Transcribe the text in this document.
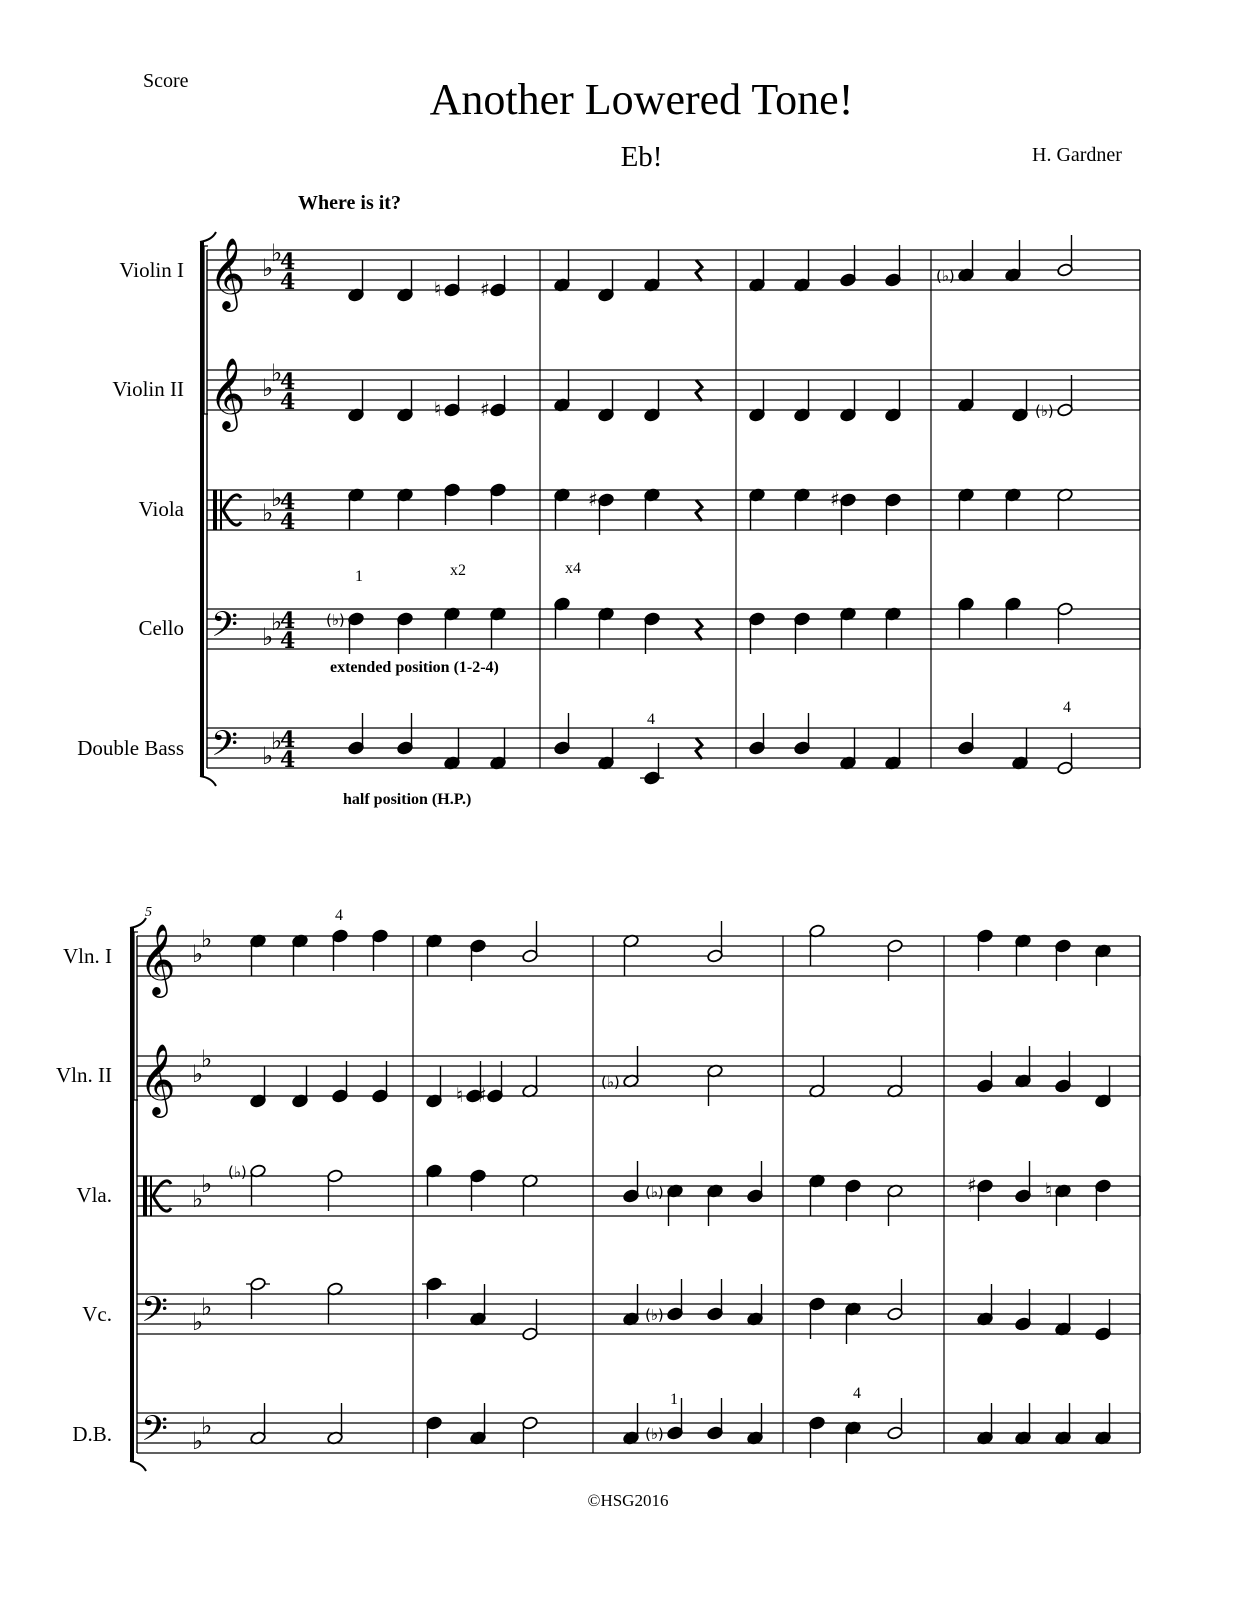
Score	Another Lowered Tone!
Eb!	H. Gardner
Where is it?
Violin I
Violin II
Viola
Cello
Double Bass
Vln. I
Vln. II
Vla.
Vc.
D.B.
𝄞 ♭
♭
4
4
𝄞 ♭
♭
4
4
♭
♭
4
4
𝄢 ♭
♭
4
4
𝄢 ♭
♭
4
4
𝄞 ♭
♭
𝄞 ♭
♭
♭
♭
𝄢 ♭
♭
𝄢 ♭
♭
♮ ♯
(♭)
♮ ♯	(♭)
♯	♯
(♭)
♮ ♯
(♭)
(♭)
(♭)	♯	♮
(♭)
(♭)
5
1	x2	x4
extended position (1-2-4)
half position (H.P.)
4
4
4
1	4
©HSG2016
